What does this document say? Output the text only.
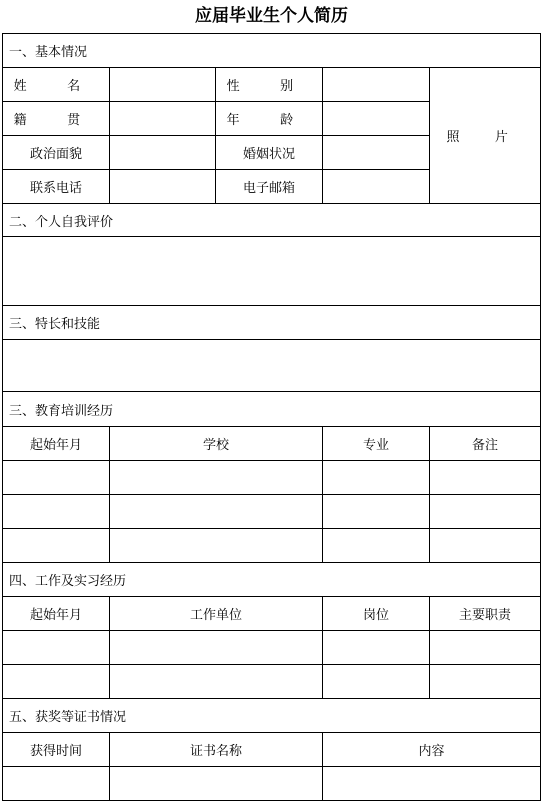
应届毕业生个人简历
一、基本情况				
姓 名		性 别		照 片
籍 贯		年 龄		
政治面貌		婚姻状况		
联系电话		电子邮箱		
二、个人自我评价				

三、特长和技能				

三、教育培训经历				
起始年月	学校		专业	备注

四、工作及实习经历				
起始年月	工作单位		岗位	主要职责

五、获奖等证书情况				
获得时间	证书名称		内容	
